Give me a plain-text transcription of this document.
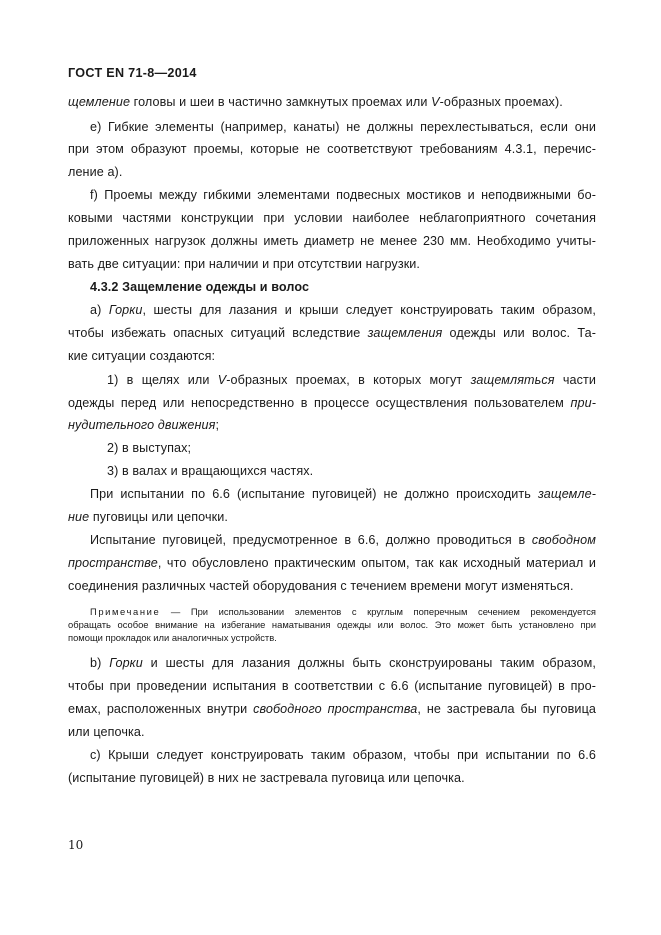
ГОСТ EN 71-8—2014
щемление головы и шеи в частично замкнутых проемах или V-образных проемах).
e) Гибкие элементы (например, канаты) не должны перехлестываться, если они
при этом образуют проемы, которые не соответствуют требованиям 4.3.1, перечис-
ление а).
f) Проемы между гибкими элементами подвесных мостиков и неподвижными бо-
ковыми частями конструкции при условии наиболее неблагоприятного сочетания
приложенных нагрузок должны иметь диаметр не менее 230 мм. Необходимо учиты-
вать две ситуации: при наличии и при отсутствии нагрузки.
4.3.2 Защемление одежды и волос
a) Горки, шесты для лазания и крыши следует конструировать таким образом,
чтобы избежать опасных ситуаций вследствие защемления одежды или волос. Та-
кие ситуации создаются:
1) в щелях или V-образных проемах, в которых могут защемляться части
одежды перед или непосредственно в процессе осуществления пользователем при-
нудительного движения;
2) в выступах;
3) в валах и вращающихся частях.
При испытании по 6.6 (испытание пуговицей) не должно происходить защемле-
ние пуговицы или цепочки.
Испытание пуговицей, предусмотренное в 6.6, должно проводиться в свободном
пространстве, что обусловлено практическим опытом, так как исходный материал и
соединения различных частей оборудования с течением времени могут изменяться.
Примечание — При использовании элементов с круглым поперечным сечением рекомендуется
обращать особое внимание на избегание наматывания одежды или волос. Это может быть установлено при
помощи прокладок или аналогичных устройств.
b) Горки и шесты для лазания должны быть сконструированы таким образом,
чтобы при проведении испытания в соответствии с 6.6 (испытание пуговицей) в про-
емах, расположенных внутри свободного пространства, не застревала бы пуговица
или цепочка.
c) Крыши следует конструировать таким образом, чтобы при испытании по 6.6
(испытание пуговицей) в них не застревала пуговица или цепочка.
10
